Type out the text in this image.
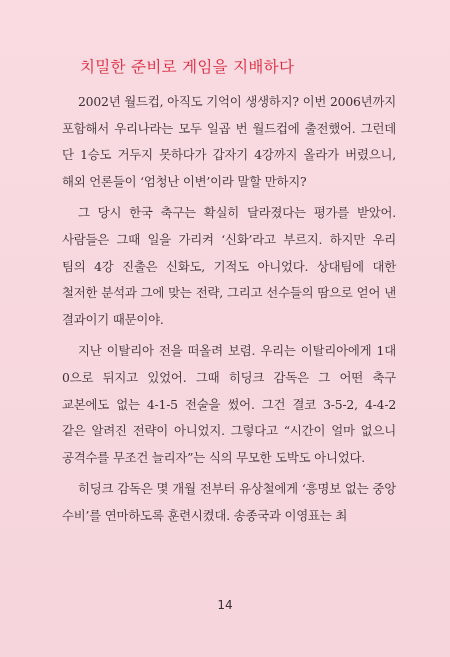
치밀한 준비로 게임을 지배하다

2002년 월드컵, 아직도 기억이 생생하지? 이번 2006년까지 포함해서 우리나라는 모두 일곱 번 월드컵에 출전했어. 그런데 단 1승도 거두지 못하다가 갑자기 4강까지 올라가 버렸으니, 해외 언론들이 ‘엄청난 이변’이라 말할 만하지?

그 당시 한국 축구는 확실히 달라졌다는 평가를 받았어. 사람들은 그때 일을 가리켜 ‘신화’라고 부르지. 하지만 우리 팀의 4강 진출은 신화도, 기적도 아니었다. 상대팀에 대한 철저한 분석과 그에 맞는 전략, 그리고 선수들의 땀으로 얻어 낸 결과이기 때문이야.

지난 이탈리아 전을 떠올려 보렴. 우리는 이탈리아에게 1대 0으로 뒤지고 있었어. 그때 히딩크 감독은 그 어떤 축구 교본에도 없는 4-1-5 전술을 썼어. 그건 결코 3-5-2, 4-4-2 같은 알려진 전략이 아니었지. 그렇다고 “시간이 얼마 없으니 공격수를 무조건 늘리자”는 식의 무모한 도박도 아니었다.

히딩크 감독은 몇 개월 전부터 유상철에게 ‘흥명보 없는 중앙 수비’를 연마하도록 훈련시켰대. 송종국과 이영표는 최

14
